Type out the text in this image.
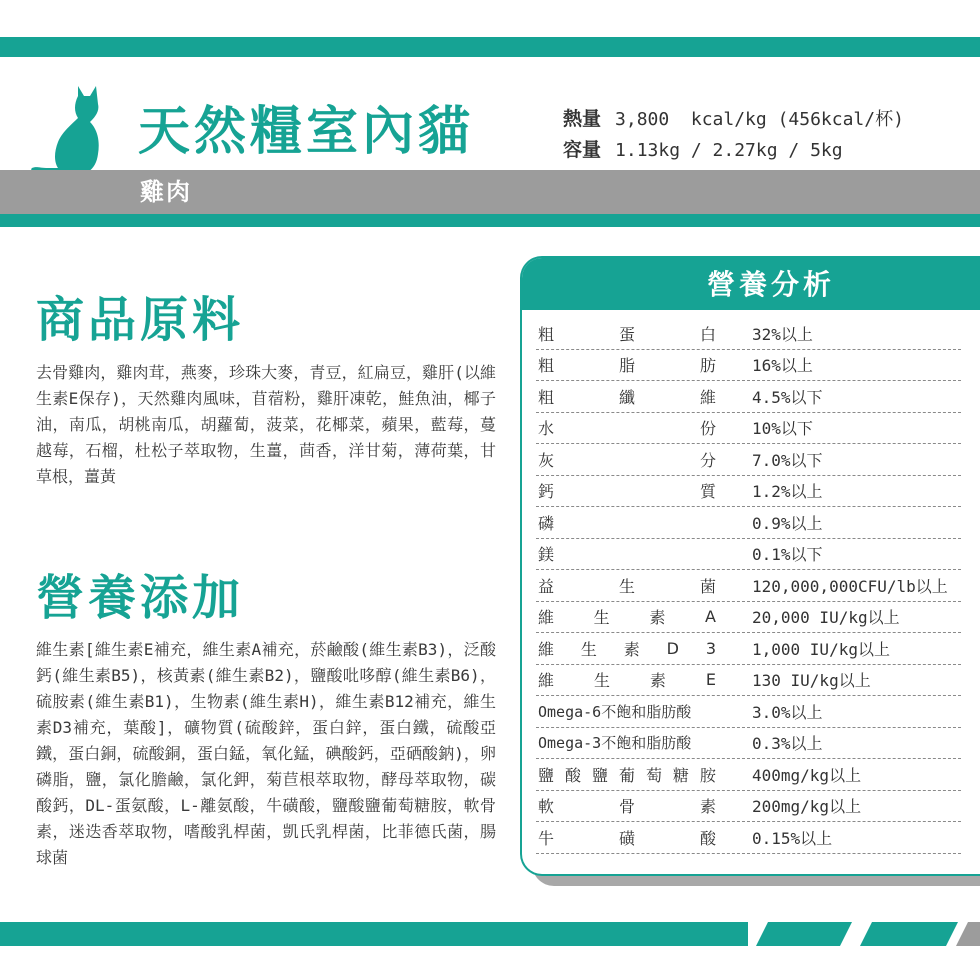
天然糧室內貓	熱量 3,800  kcal/kg (456kcal/杯)
容量 1.13kg / 2.27kg / 5kg
雞肉
商品原料
去骨雞肉，雞肉茸，燕麥，珍珠大麥，青豆，紅扁豆，雞肝(以維生素E保存)，天然雞肉風味，苜蓿粉，雞肝凍乾，鮭魚油，椰子油，南瓜，胡桃南瓜，胡蘿蔔，菠菜，花椰菜，蘋果，藍莓，蔓越莓，石榴，杜松子萃取物，生薑，茴香，洋甘菊，薄荷葉，甘草根，薑黃
營養添加
維生素[維生素E補充，維生素A補充，菸鹼酸(維生素B3)，泛酸鈣(維生素B5)，核黃素(維生素B2)，鹽酸吡哆醇(維生素B6)，硫胺素(維生素B1)，生物素(維生素H)，維生素B12補充，維生素D3補充，葉酸]，礦物質(硫酸鋅，蛋白鋅，蛋白鐵，硫酸亞鐵，蛋白銅，硫酸銅，蛋白錳，氧化錳，碘酸鈣，亞硒酸鈉)，卵磷脂，鹽，氯化膽鹼，氯化鉀，菊苣根萃取物，酵母萃取物，碳酸鈣，DL-蛋氨酸，L-離氨酸，牛磺酸，鹽酸鹽葡萄糖胺，軟骨素，迷迭香萃取物，嗜酸乳桿菌，凱氏乳桿菌，比菲德氏菌，腸球菌
營養分析
粗	蛋	白 32%以上
粗	脂	肪 16%以上
粗	纖	維 4.5%以下
水	份 10%以下
灰	分 7.0%以下
鈣	質 1.2%以上
磷	0.9%以上
鎂	0.1%以下
益	生	菌 120,000,000CFU/lb以上
維 生 素 A 20,000 IU/kg以上
維 生 素 D 3 1,000 IU/kg以上
維 生 素 E 130 IU/kg以上
Omega-6不飽和脂肪酸	3.0%以上
Omega-3不飽和脂肪酸	0.3%以上
鹽 酸 鹽 葡 萄 糖 胺 400mg/kg以上
軟	骨	素 200mg/kg以上
牛	磺	酸 0.15%以上
